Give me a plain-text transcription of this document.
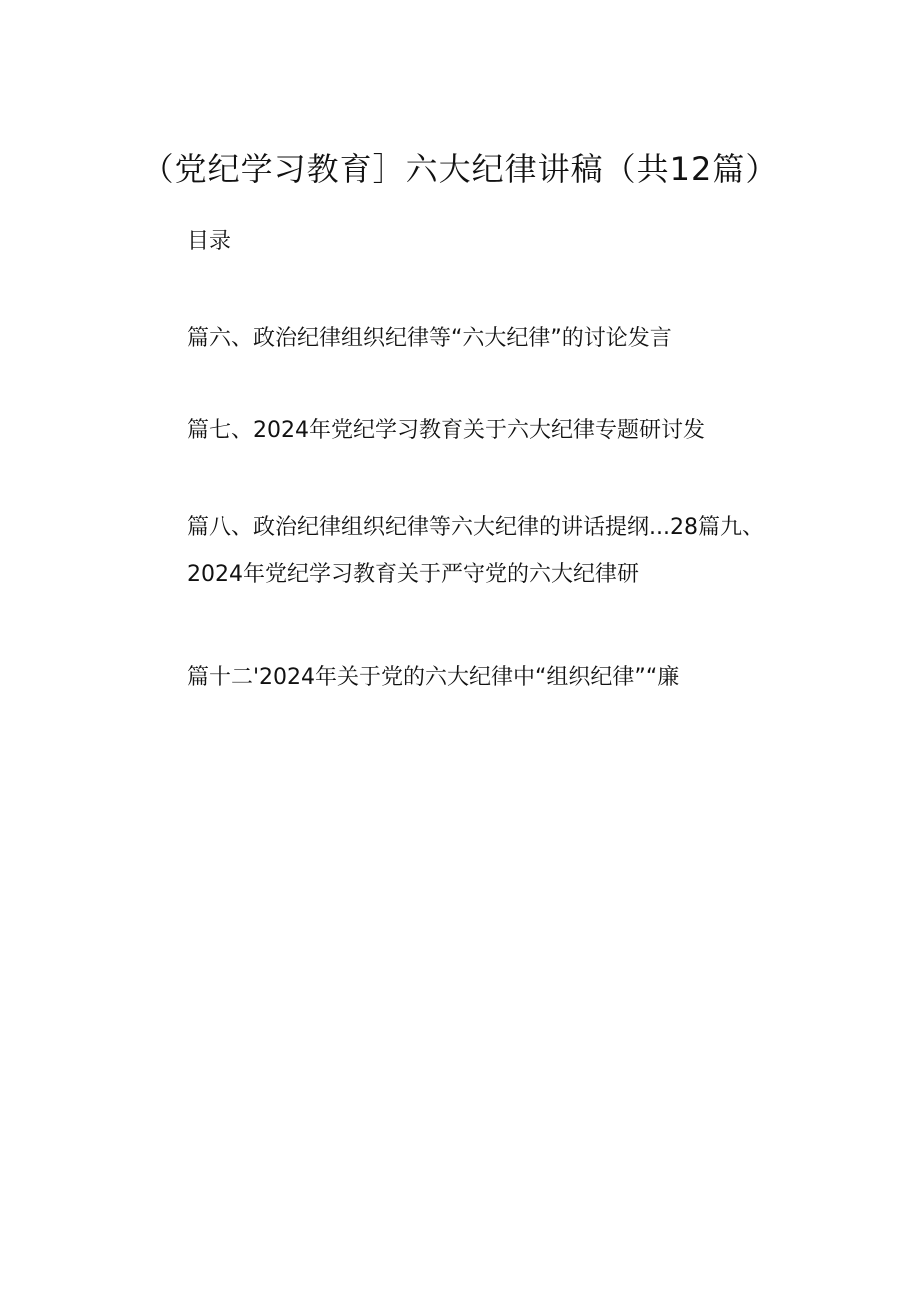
（党纪学习教育］六大纪律讲稿（共12篇）
目录
篇六、政治纪律组织纪律等“六大纪律”的讨论发言
篇七、2024年党纪学习教育关于六大纪律专题研讨发
篇八、政治纪律组织纪律等六大纪律的讲话提纲...28篇九、
2024年党纪学习教育关于严守党的六大纪律研
篇十二'2024年关于党的六大纪律中“组织纪律”“廉
